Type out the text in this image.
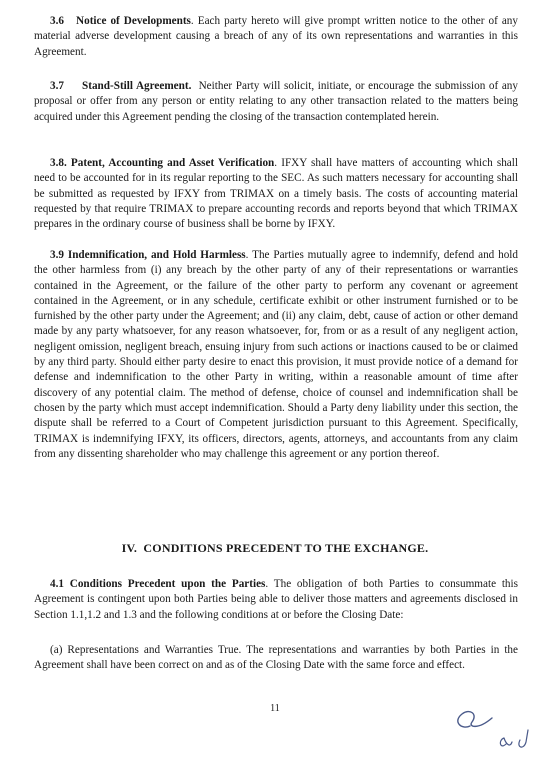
3.6   Notice of Developments. Each party hereto will give prompt written notice to the other of any material adverse development causing a breach of any of its own representations and warranties in this Agreement.

3.7     Stand-Still Agreement.  Neither Party will solicit, initiate, or encourage the submission of any proposal or offer from any person or entity relating to any other transaction related to the matters being acquired under this Agreement pending the closing of the transaction contemplated herein.

3.8. Patent, Accounting and Asset Verification. IFXY shall have matters of accounting which shall need to be accounted for in its regular reporting to the SEC. As such matters necessary for accounting shall be submitted as requested by IFXY from TRIMAX on a timely basis. The costs of accounting material requested by that require TRIMAX to prepare accounting records and reports beyond that which TRIMAX prepares in the ordinary course of business shall be borne by IFXY.

3.9 Indemnification, and Hold Harmless. The Parties mutually agree to indemnify, defend and hold the other harmless from (i) any breach by the other party of any of their representations or warranties contained in the Agreement, or the failure of the other party to perform any covenant or agreement contained in the Agreement, or in any schedule, certificate exhibit or other instrument furnished or to be furnished by the other party under the Agreement; and (ii) any claim, debt, cause of action or other demand made by any party whatsoever, for any reason whatsoever, for, from or as a result of any negligent action, negligent omission, negligent breach, ensuing injury from such actions or inactions caused to be or claimed by any third party. Should either party desire to enact this provision, it must provide notice of a demand for defense and indemnification to the other Party in writing, within a reasonable amount of time after discovery of any potential claim. The method of defense, choice of counsel and indemnification shall be chosen by the party which must accept indemnification. Should a Party deny liability under this section, the dispute shall be referred to a Court of Competent jurisdiction pursuant to this Agreement. Specifically, TRIMAX is indemnifying IFXY, its officers, directors, agents, attorneys, and accountants from any claim from any dissenting shareholder who may challenge this agreement or any portion thereof.

IV.  CONDITIONS PRECEDENT TO THE EXCHANGE.

4.1 Conditions Precedent upon the Parties. The obligation of both Parties to consummate this Agreement is contingent upon both Parties being able to deliver those matters and agreements disclosed in Section 1.1,1.2 and 1.3 and the following conditions at or before the Closing Date:

(a) Representations and Warranties True. The representations and warranties by both Parties in the Agreement shall have been correct on and as of the Closing Date with the same force and effect.

11
